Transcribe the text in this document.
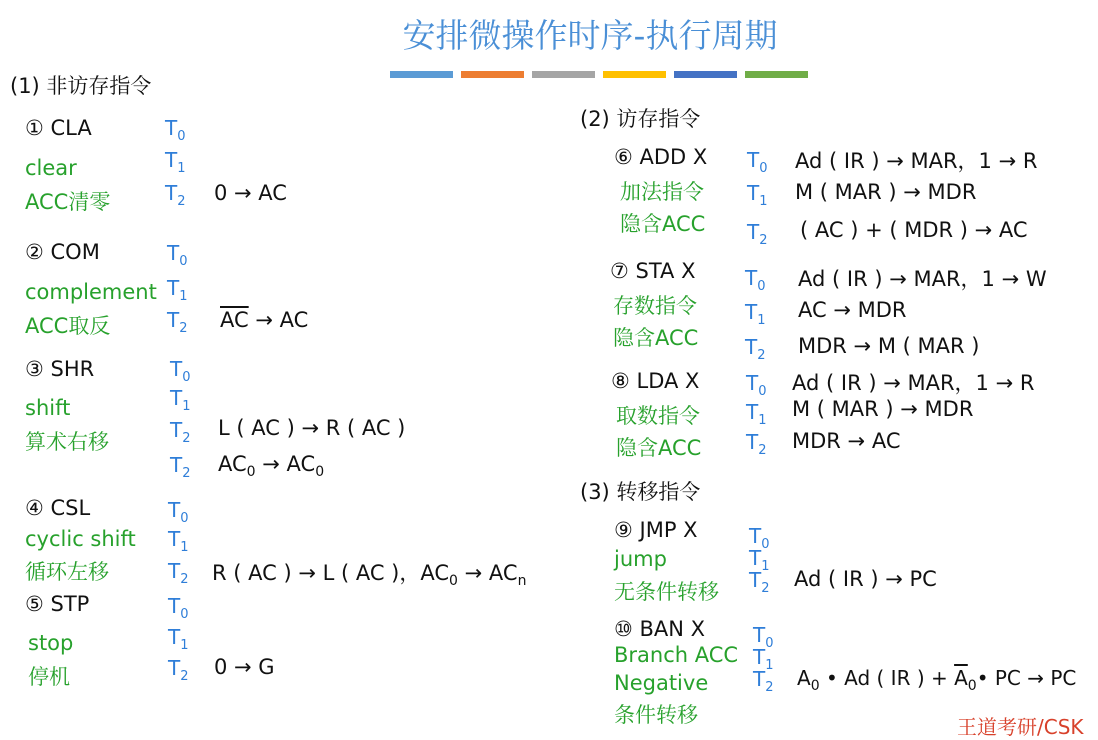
安排微操作时序-执行周期
(1) 非访存指令
① CLA
clear
ACC清零
$T_0$
$T_1$
$T_2$ 0 → AC
② COM
complement
ACC取反
$T_0$
$T_1$
$T_2$ $\overline{AC}$ → AC
③ SHR
shift
算术右移
$T_0$
$T_1$
$T_2$
$T_2$
L ( AC ) → R ( AC )
$AC_0 \to AC_0$
④ CSL
cyclic shift
循环左移
$T_0$
$T_1$
$T_2$ R ( AC ) → L ( AC )，$AC_0 \to AC_n$
⑤ STP
stop
停机
$T_0$
$T_1$
$T_2$ 0 → G
(2) 访存指令
⑥ ADD X
加法指令
隐含ACC
$T_0$
$T_1$
$T_2$
Ad ( IR ) → MAR，1 → R
M ( MAR ) → MDR
( AC ) + ( MDR ) → AC
⑦ STA X
存数指令
隐含ACC
$T_0$
$T_1$
$T_2$
Ad ( IR ) → MAR，1 → W
AC → MDR
MDR → M ( MAR )
⑧ LDA X
取数指令
隐含ACC
$T_0$
$T_1$
$T_2$
Ad ( IR ) → MAR，1 → R
M ( MAR ) → MDR
MDR → AC
(3) 转移指令
⑨ JMP X
jump
无条件转移
$T_0$
$T_1$
$T_2$ Ad ( IR ) → PC
⑩ BAN X
Branch ACC
Negative
条件转移
$T_0$
$T_1$
$T_2$ $A_0$ • Ad ( IR ) + $\overline{A}_0•$ PC → PC
王道考研/CSK
